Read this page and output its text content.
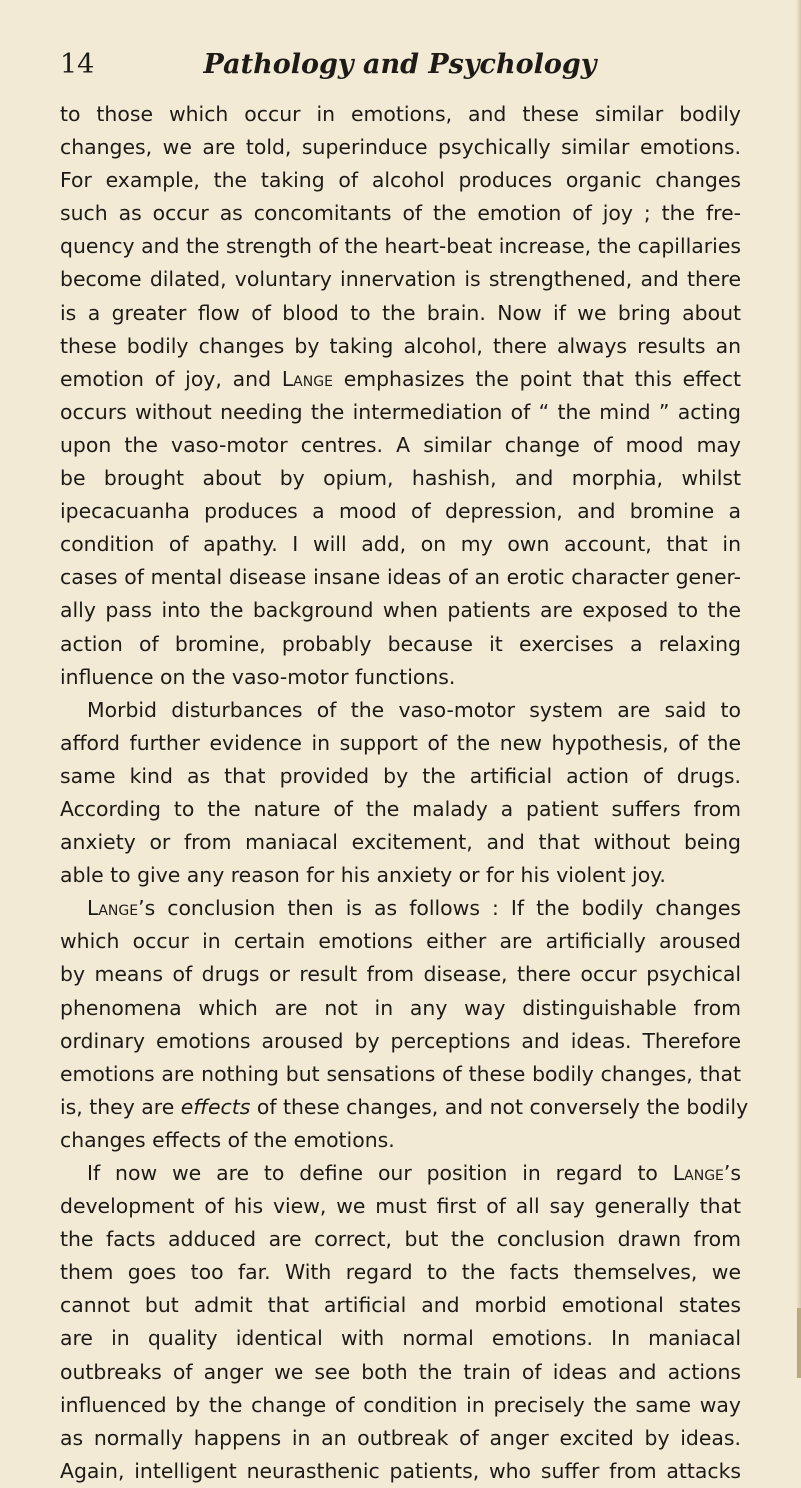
14	Pathology and Psychology
to those which occur in emotions, and these similar bodily
changes, we are told, superinduce psychically similar emotions.
For example, the taking of alcohol produces organic changes
such as occur as concomitants of the emotion of joy ; the fre-
quency and the strength of the heart-beat increase, the capillaries
become dilated, voluntary innervation is strengthened, and there
is a greater flow of blood to the brain. Now if we bring about
these bodily changes by taking alcohol, there always results an
emotion of joy, and Lange emphasizes the point that this effect
occurs without needing the intermediation of “ the mind ” acting
upon the vaso-motor centres. A similar change of mood may
be brought about by opium, hashish, and morphia, whilst
ipecacuanha produces a mood of depression, and bromine a
condition of apathy. I will add, on my own account, that in
cases of mental disease insane ideas of an erotic character gener-
ally pass into the background when patients are exposed to the
action of bromine, probably because it exercises a relaxing
influence on the vaso-motor functions.
Morbid disturbances of the vaso-motor system are said to
afford further evidence in support of the new hypothesis, of the
same kind as that provided by the artificial action of drugs.
According to the nature of the malady a patient suffers from
anxiety or from maniacal excitement, and that without being
able to give any reason for his anxiety or for his violent joy.
Lange’s conclusion then is as follows : If the bodily changes
which occur in certain emotions either are artificially aroused
by means of drugs or result from disease, there occur psychical
phenomena which are not in any way distinguishable from
ordinary emotions aroused by perceptions and ideas. Therefore
emotions are nothing but sensations of these bodily changes, that
is, they are effects of these changes, and not conversely the bodily
changes effects of the emotions.
If now we are to define our position in regard to Lange’s
development of his view, we must first of all say generally that
the facts adduced are correct, but the conclusion drawn from
them goes too far. With regard to the facts themselves, we
cannot but admit that artificial and morbid emotional states
are in quality identical with normal emotions. In maniacal
outbreaks of anger we see both the train of ideas and actions
influenced by the change of condition in precisely the same way
as normally happens in an outbreak of anger excited by ideas.
Again, intelligent neurasthenic patients, who suffer from attacks
